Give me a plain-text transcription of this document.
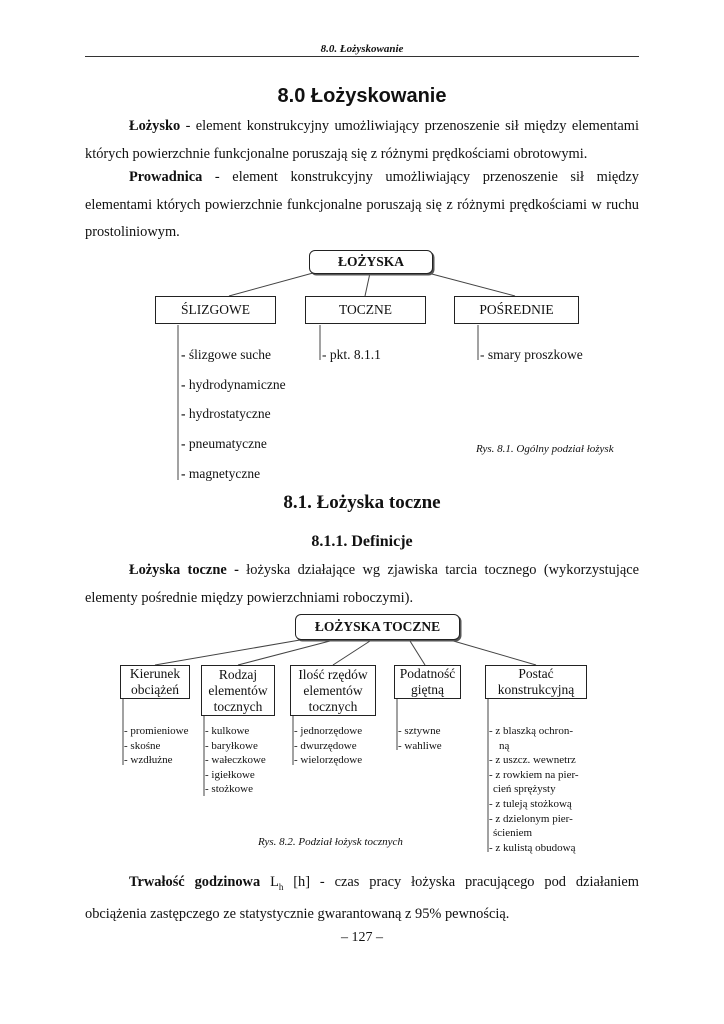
8.0. Łożyskowanie
8.0 Łożyskowanie
Łożysko - element konstrukcyjny umożliwiający przenoszenie sił między elementami których powierzchnie funkcjonalne poruszają się z różnymi prędkościami obrotowymi.
Prowadnica - element konstrukcyjny umożliwiający przenoszenie sił między elementami których powierzchnie funkcjonalne poruszają się z różnymi prędkościami w ruchu prostoliniowym.
ŁOŻYSKA
ŚLIZGOWE	TOCZNE	POŚREDNIE
- ślizgowe suche
- hydrodynamiczne
- hydrostatyczne
- pneumatyczne
- magnetyczne
- pkt. 8.1.1	- smary proszkowe
Rys. 8.1. Ogólny podział łożysk
8.1. Łożyska toczne
8.1.1. Definicje
Łożyska toczne - łożyska działające wg zjawiska tarcia tocznego (wykorzystujące elementy pośrednie między powierzchniami roboczymi).
ŁOŻYSKA TOCZNE
Kierunek obciążeń
Rodzaj elementów tocznych
Ilość rzędów elementów tocznych
Podatność giętną
Postać konstrukcyjną
- promieniowe
- skośne
- wzdłużne
- kulkowe
- baryłkowe
- wałeczkowe
- igiełkowe
- stożkowe
- jednorzędowe
- dwurzędowe
- wielorzędowe
- sztywne
- wahliwe
- z blaszką ochron-
ną
- z uszcz. wewnetrz
- z rowkiem na pier-
cień sprężysty
- z tuleją stożkową
- z dzielonym pier-
ścieniem
- z kulistą obudową
Rys. 8.2. Podział łożysk tocznych
Trwałość godzinowa $L_h$ [h] - czas pracy łożyska pracującego pod działaniem obciążenia zastępczego ze statystycznie gwarantowaną z 95% pewnością.
– 127 –
